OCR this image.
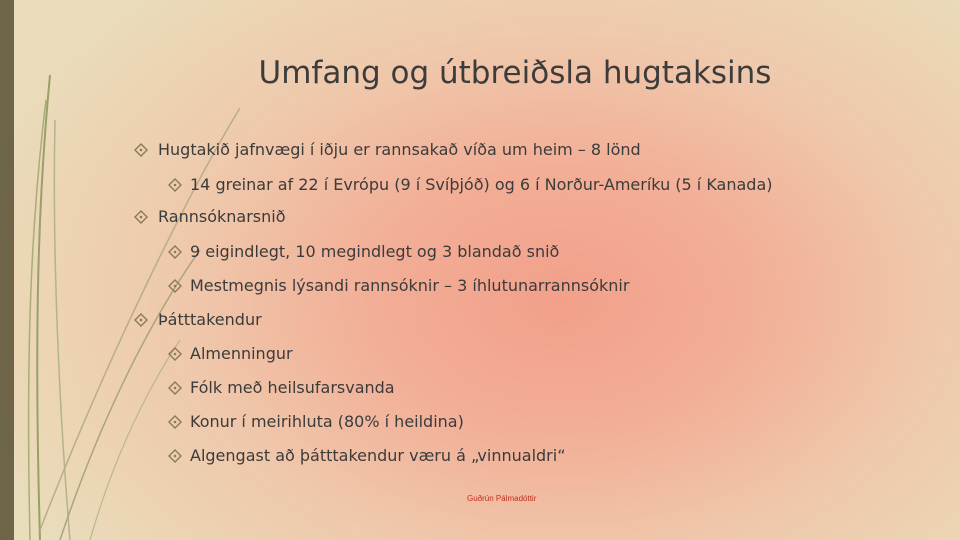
Umfang og útbreiðsla hugtaksins
Hugtakið jafnvægi í iðju er rannsakað víða um heim – 8 lönd
14 greinar af 22 í Evrópu (9 í Svíþjóð) og 6 í Norður-Ameríku (5 í Kanada)
Rannsóknarsnið
9 eigindlegt, 10 megindlegt og 3 blandað snið
Mestmegnis lýsandi rannsóknir – 3 íhlutunarrannsóknir
Þátttakendur
Almenningur
Fólk með heilsufarsvanda
Konur í meirihluta (80% í heildina)
Algengast að þátttakendur væru á „vinnualdri“
Guðrún Pálmadóttir
